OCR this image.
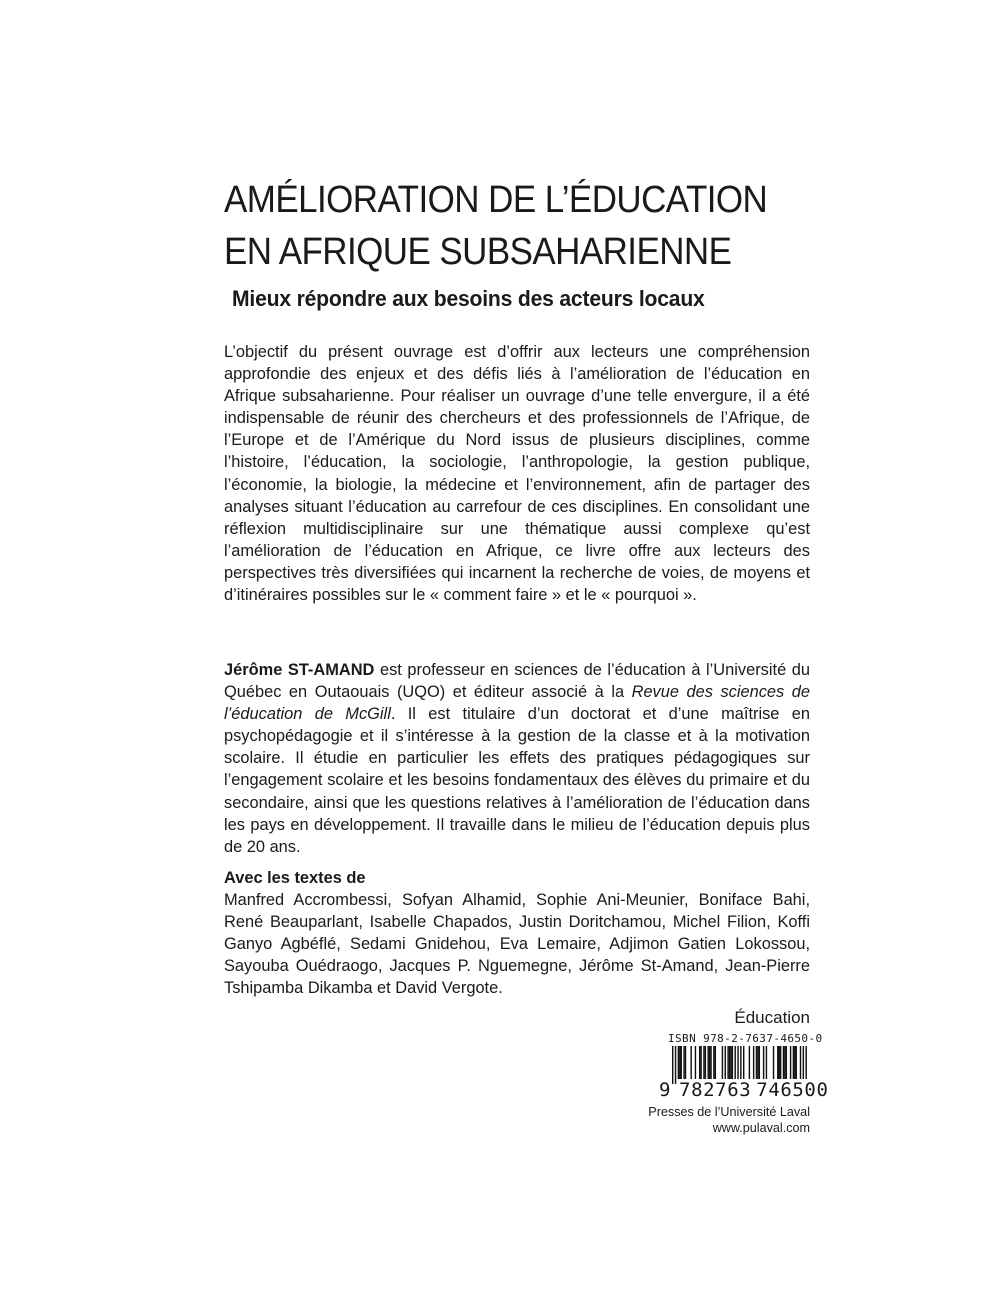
AMÉLIORATION DE L’ÉDUCATION
EN AFRIQUE SUBSAHARIENNE
Mieux répondre aux besoins des acteurs locaux

L’objectif du présent ouvrage est d’offrir aux lecteurs une compréhension approfondie des enjeux et des défis liés à l’amélioration de l’éducation en Afrique subsaharienne. Pour réaliser un ouvrage d’une telle envergure, il a été indispensable de réunir des chercheurs et des professionnels de l’Afrique, de l’Europe et de l’Amérique du Nord issus de plusieurs disciplines, comme l’histoire, l’éducation, la sociologie, l’anthropologie, la gestion publique, l’économie, la biologie, la médecine et l’environnement, afin de partager des analyses situant l’éducation au carrefour de ces disciplines. En consolidant une réflexion multidisciplinaire sur une thématique aussi complexe qu’est l’amélioration de l’éducation en Afrique, ce livre offre aux lecteurs des perspectives très diversifiées qui incarnent la recherche de voies, de moyens et d’itinéraires possibles sur le « comment faire » et le « pourquoi ».

Jérôme ST-AMAND est professeur en sciences de l’éducation à l’Université du Québec en Outaouais (UQO) et éditeur associé à la Revue des sciences de l’éducation de McGill. Il est titulaire d’un doctorat et d’une maîtrise en psychopédagogie et il s’intéresse à la gestion de la classe et à la motivation scolaire. Il étudie en particulier les effets des pratiques pédagogiques sur l’engagement scolaire et les besoins fondamentaux des élèves du primaire et du secondaire, ainsi que les questions relatives à l’amélioration de l’éducation dans les pays en développement. Il travaille dans le milieu de l’éducation depuis plus de 20 ans.

Avec les textes de

Manfred Accrombessi, Sofyan Alhamid, Sophie Ani-Meunier, Boniface Bahi, René Beauparlant, Isabelle Chapados, Justin Doritchamou, Michel Filion, Koffi Ganyo Agbéflé, Sedami Gnidehou, Eva Lemaire, Adjimon Gatien Lokossou, Sayouba Ouédraogo, Jacques P. Nguemegne, Jérôme St-Amand, Jean-Pierre Tshipamba Dikamba et David Vergote.

Éducation
ISBN 978-2-7637-4650-0
9 782763 746500
Presses de l’Université Laval
www.pulaval.com
